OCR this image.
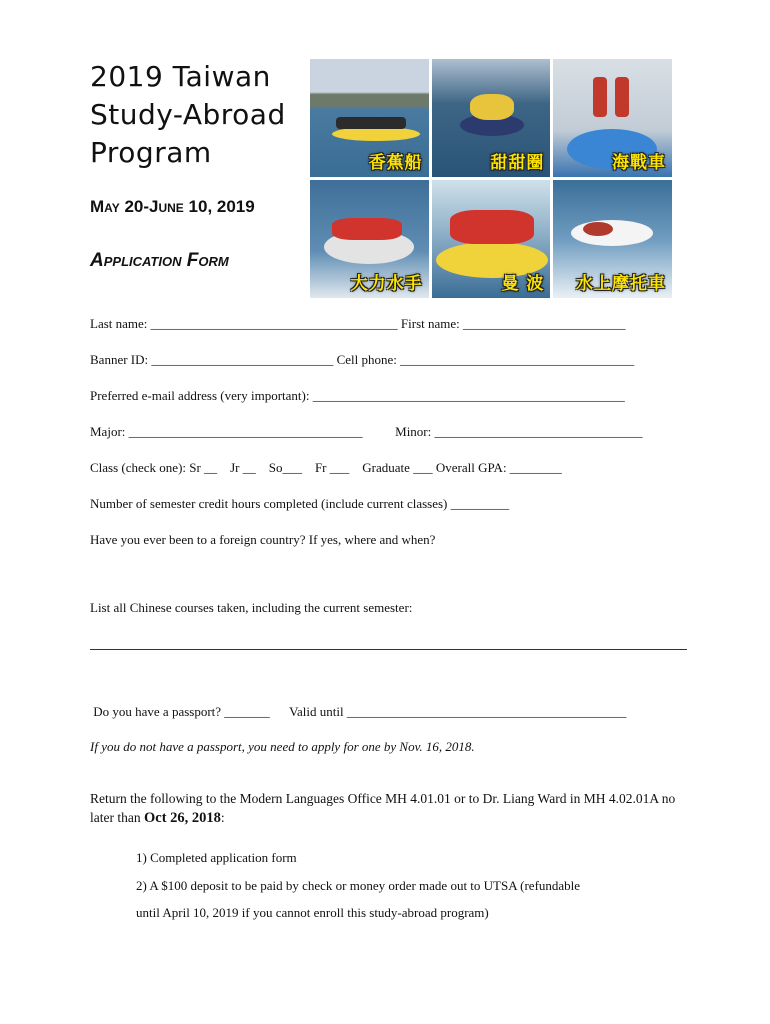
2019 Taiwan Study-Abroad Program
May 20-June 10, 2019
Application Form
香蕉船	甜甜圈	海戰車
大力水手	曼 波 水上摩托車
Last name: ______________________________________ First name: _________________________
Banner ID: ____________________________ Cell phone: ____________________________________
Preferred e-mail address (very important): ________________________________________________
Major: ____________________________________          Minor: ________________________________
Class (check one): Sr __    Jr __    So___    Fr ___    Graduate ___ Overall GPA: ________
Number of semester credit hours completed (include current classes) _________
Have you ever been to a foreign country? If yes, where and when?
List all Chinese courses taken, including the current semester:
Do you have a passport? _______      Valid until ___________________________________________
If you do not have a passport, you need to apply for one by Nov. 16, 2018.
Return the following to the Modern Languages Office MH 4.01.01 or to Dr. Liang Ward in MH 4.02.01A no later than Oct 26, 2018:
1) Completed application form
2) A $100 deposit to be paid by check or money order made out to UTSA (refundable
until April 10, 2019 if you cannot enroll this study-abroad program)
